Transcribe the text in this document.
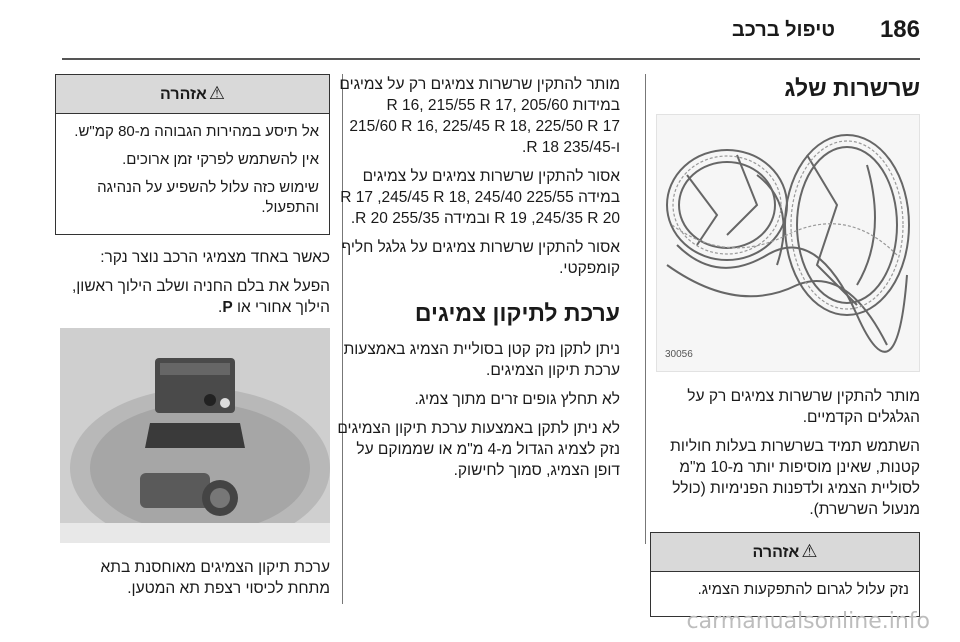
186
טיפול ברכב
שרשרות שלג
30056

מותר להתקין שרשרות צמיגים רק על הגלגלים הקדמיים.

השתמש תמיד בשרשרות בעלות חוליות קטנות, שאינן מוסיפות יותר מ-10 מ"מ לסוליית הצמיג ולדפנות הפנימיות (כולל מנעול השרשרת).

⚠אזהרה

נזק עלול לגרום להתפקעות הצמיג.

מותר להתקין שרשרות צמיגים רק על צמיגים במידות 205/60 R 16, 215/55 R 17, 215/60 R 16, 225/45 R 18, 225/50 R 17 ו-235/45 R 18.

אסור להתקין שרשרות צמיגים על צמיגים במידה 225/55 R 17 ,245/45 R 18, 245/40 R 19 ,245/35 R 20 ובמידה 255/35 R 20.

אסור להתקין שרשרות צמיגים על גלגל חליף קומפקטי.

ערכת לתיקון צמיגים

ניתן לתקן נזק קטן בסוליית הצמיג באמצעות ערכת תיקון הצמיגים.

לא תחלץ גופים זרים מתוך צמיג.

לא ניתן לתקן באמצעות ערכת תיקון הצמיגים נזק לצמיג הגדול מ-4 מ"מ או שממוקם על דופן הצמיג, סמוך לחישוק.

⚠אזהרה

אל תיסע במהירות הגבוהה מ-80 קמ"ש.

אין להשתמש לפרקי זמן ארוכים.

שימוש כזה עלול להשפיע על הנהיגה והתפעול.

כאשר באחד מצמיגי הרכב נוצר נקר:

הפעל את בלם החניה ושלב הילוך ראשון, הילוך אחורי או P.

ערכת תיקון הצמיגים מאוחסנת בתא מתחת לכיסוי רצפת תא המטען.

carmanualsonline.info
